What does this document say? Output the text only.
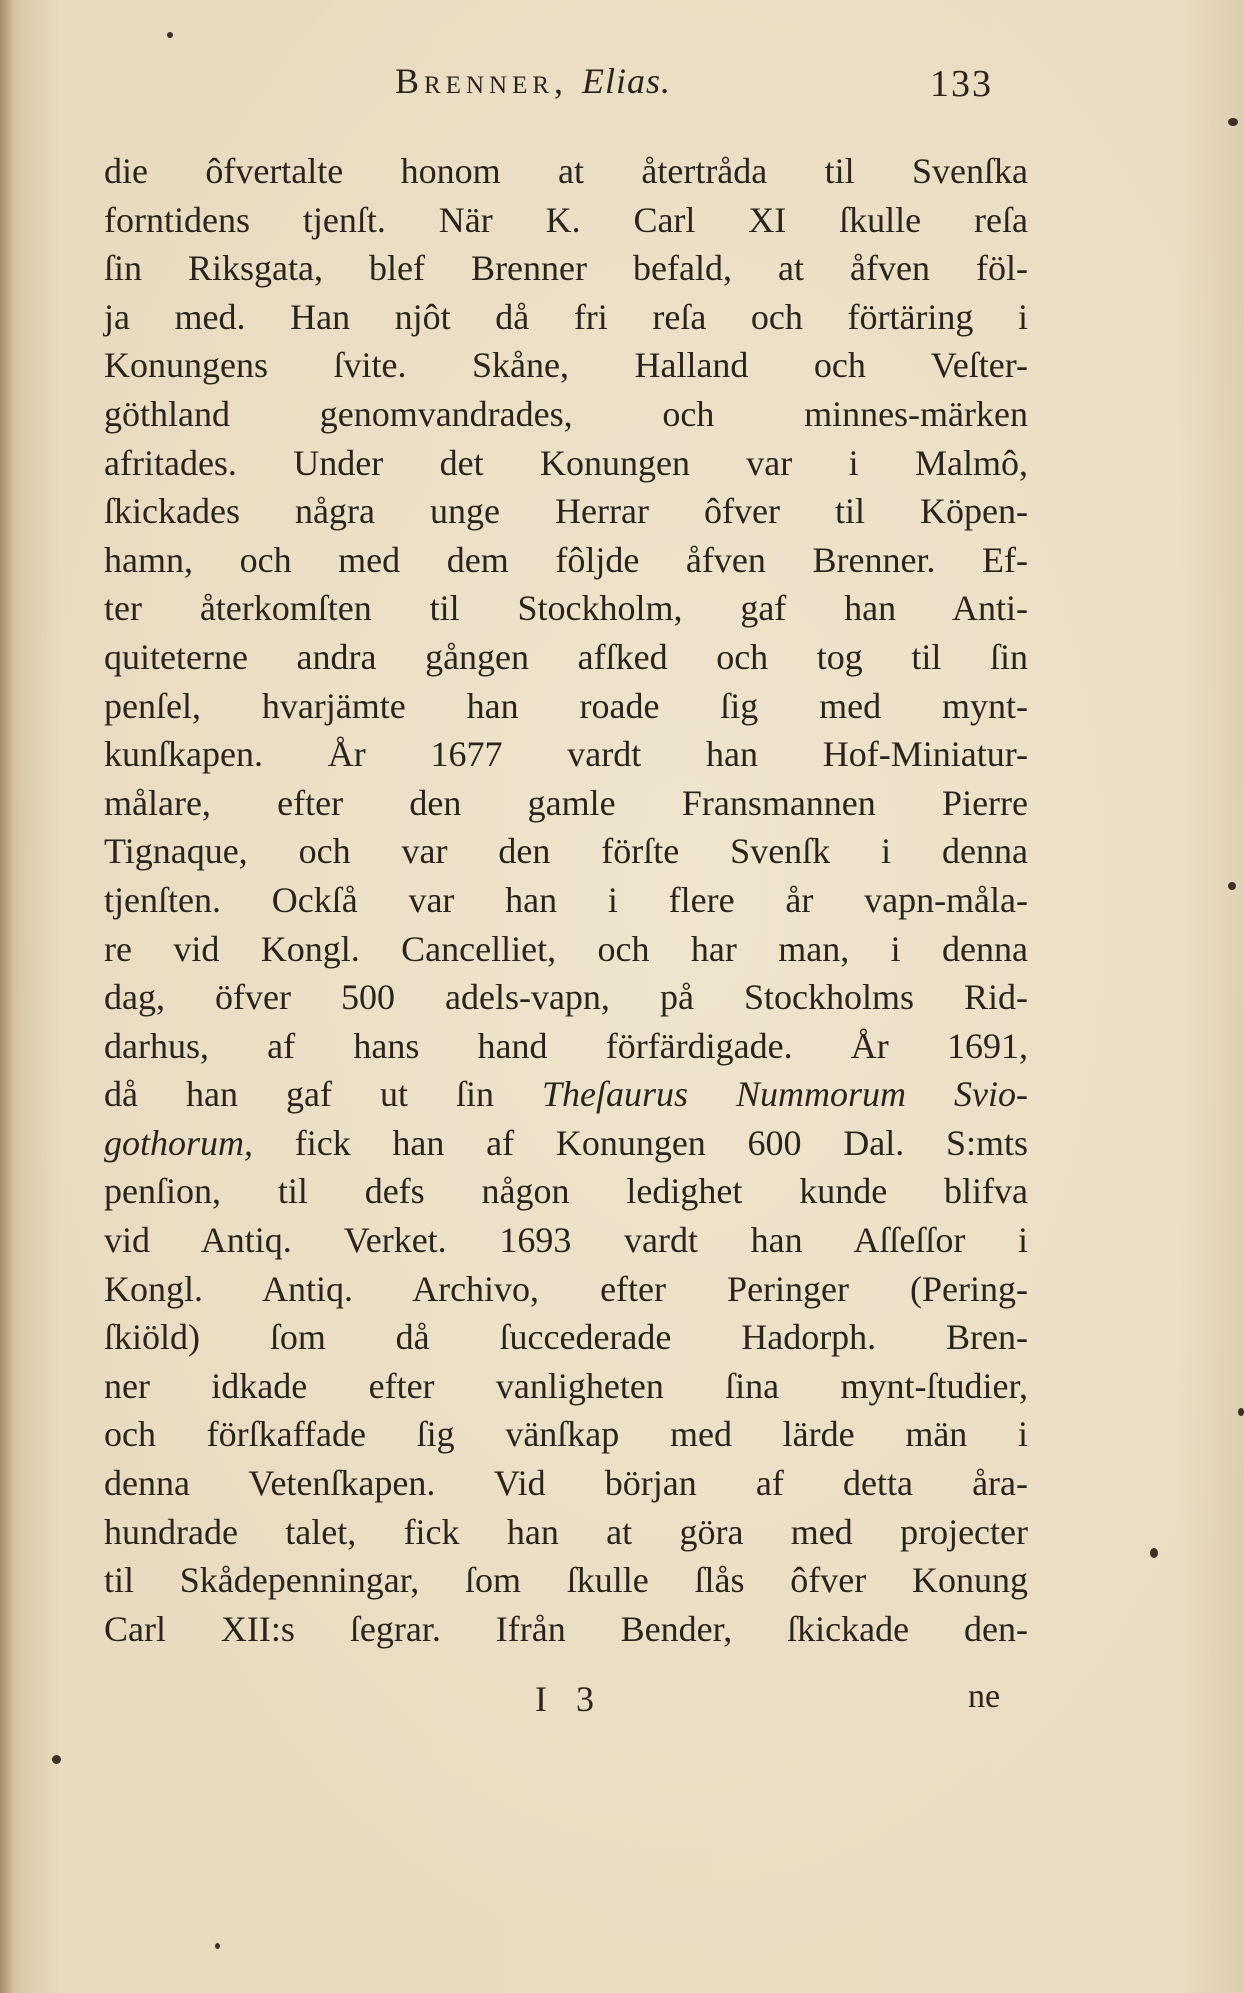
Brenner, Elias.	133
die ôfvertalte honom at återtråda til Svenſka
forntidens tjenſt. När K. Carl XI ſkulle reſa
ſin Riksgata, blef Brenner befald, at åfven föl-
ja med. Han njôt då fri reſa och förtäring i
Konungens ſvite. Skåne, Halland och Veſter-
göthland genomvandrades, och minnes-märken
afritades. Under det Konungen var i Malmô,
ſkickades några unge Herrar ôfver til Köpen-
hamn, och med dem fôljde åfven Brenner. Ef-
ter återkomſten til Stockholm, gaf han Anti-
quiteterne andra gången afſked och tog til ſin
penſel, hvarjämte han roade ſig med mynt-
kunſkapen. År 1677 vardt han Hof-Miniatur-
målare, efter den gamle Fransmannen Pierre
Tignaque, och var den förſte Svenſk i denna
tjenſten. Ockſå var han i flere år vapn-måla-
re vid Kongl. Cancelliet, och har man, i denna
dag, öfver 500 adels-vapn, på Stockholms Rid-
darhus, af hans hand förfärdigade. År 1691,
då han gaf ut ſin Theſaurus Nummorum Svio-
gothorum, fick han af Konungen 600 Dal. S:mts
penſion, til defs någon ledighet kunde blifva
vid Antiq. Verket. 1693 vardt han Aſſeſſor i
Kongl. Antiq. Archivo, efter Peringer (Pering-
ſkiöld) ſom då ſuccederade Hadorph. Bren-
ner idkade efter vanligheten ſina mynt-ſtudier,
och förſkaffade ſig vänſkap med lärde män i
denna Vetenſkapen. Vid början af detta åra-
hundrade talet, fick han at göra med projecter
til Skådepenningar, ſom ſkulle ſlås ôfver Konung
Carl XII:s ſegrar. Ifrån Bender, ſkickade den-
I 3	ne
